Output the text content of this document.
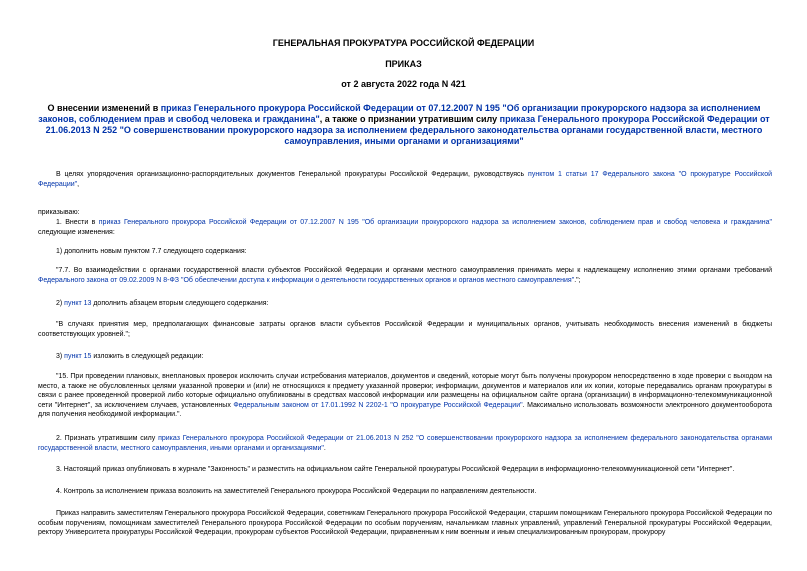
ГЕНЕРАЛЬНАЯ ПРОКУРАТУРА РОССИЙСКОЙ ФЕДЕРАЦИИ
ПРИКАЗ
от 2 августа 2022 года N 421
О внесении изменений в приказ Генерального прокурора Российской Федерации от 07.12.2007 N 195 "Об организации прокурорского надзора за исполнением законов, соблюдением прав и свобод человека и гражданина", а также о признании утратившим силу приказа Генерального прокурора Российской Федерации от 21.06.2013 N 252 "О совершенствовании прокурорского надзора за исполнением федерального законодательства органами государственной власти, местного самоуправления, иными органами и организациями"
В целях упорядочения организационно-распорядительных документов Генеральной прокуратуры Российской Федерации, руководствуясь пунктом 1 статьи 17 Федерального закона "О прокуратуре Российской Федерации",
приказываю:
1. Внести в приказ Генерального прокурора Российской Федерации от 07.12.2007 N 195 "Об организации прокурорского надзора за исполнением законов, соблюдением прав и свобод человека и гражданина" следующие изменения:
1) дополнить новым пунктом 7.7 следующего содержания:
"7.7. Во взаимодействии с органами государственной власти субъектов Российской Федерации и органами местного самоуправления принимать меры к надлежащему исполнению этими органами требований Федерального закона от 09.02.2009 N 8-ФЗ "Об обеспечении доступа к информации о деятельности государственных органов и органов местного самоуправления".";
2) пункт 13 дополнить абзацем вторым следующего содержания:
"В случаях принятия мер, предполагающих финансовые затраты органов власти субъектов Российской Федерации и муниципальных органов, учитывать необходимость внесения изменений в бюджеты соответствующих уровней.";
3) пункт 15 изложить в следующей редакции:
"15. При проведении плановых, внеплановых проверок исключить случаи истребования материалов, документов и сведений, которые могут быть получены прокурором непосредственно в ходе проверки с выходом на место, а также не обусловленных целями указанной проверки и (или) не относящихся к предмету указанной проверки; информации, документов и материалов или их копии, которые передавались органам прокуратуры в связи с ранее проведенной проверкой либо которые официально опубликованы в средствах массовой информации или размещены на официальном сайте органа (организации) в информационно-телекоммуникационной сети "Интернет", за исключением случаев, установленных Федеральным законом от 17.01.1992 N 2202-1 "О прокуратуре Российской Федерации". Максимально использовать возможности электронного документооборота для получения необходимой информации.".
2. Признать утратившим силу приказ Генерального прокурора Российской Федерации от 21.06.2013 N 252 "О совершенствовании прокурорского надзора за исполнением федерального законодательства органами государственной власти, местного самоуправления, иными органами и организациями".
3. Настоящий приказ опубликовать в журнале "Законность" и разместить на официальном сайте Генеральной прокуратуры Российской Федерации в информационно-телекоммуникационной сети "Интернет".
4. Контроль за исполнением приказа возложить на заместителей Генерального прокурора Российской Федерации по направлениям деятельности.
Приказ направить заместителям Генерального прокурора Российской Федерации, советникам Генерального прокурора Российской Федерации, старшим помощникам Генерального прокурора Российской Федерации по особым поручениям, помощникам заместителей Генерального прокурора Российской Федерации по особым поручениям, начальникам главных управлений, управлений Генеральной прокуратуры Российской Федерации, ректору Университета прокуратуры Российской Федерации, прокурорам субъектов Российской Федерации, приравненным к ним военным и иным специализированным прокурорам, прокурору
